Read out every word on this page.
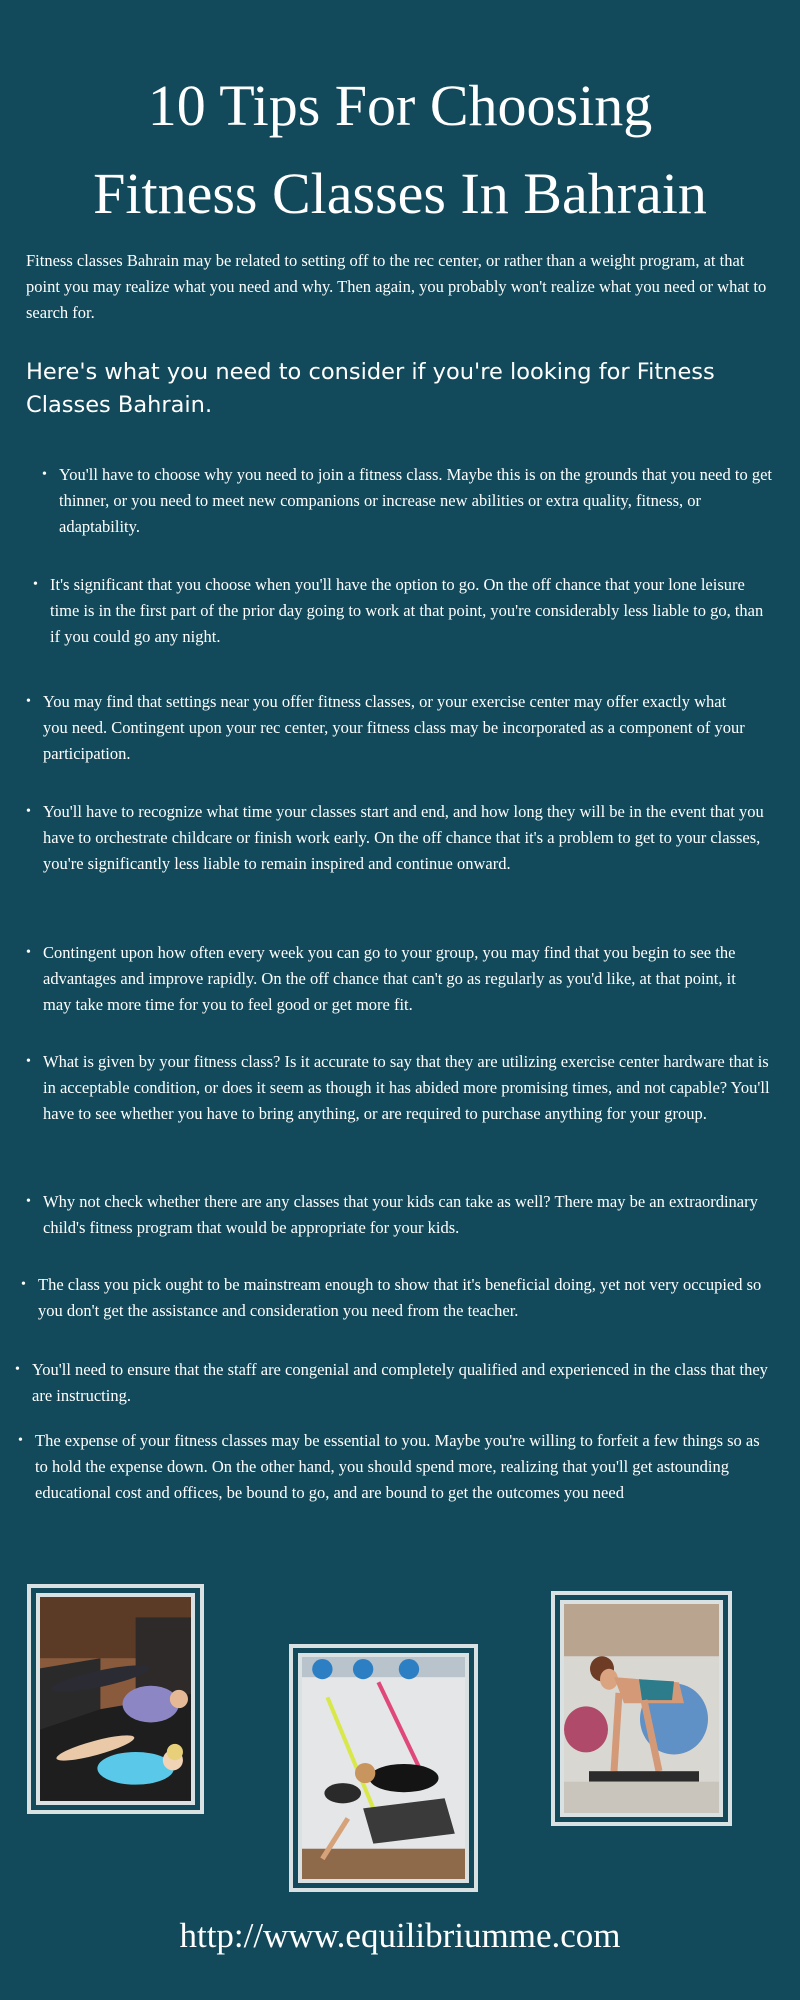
10 Tips For Choosing
Fitness Classes In Bahrain

Fitness classes Bahrain may be related to setting off to the rec center, or rather than a weight program, at that point you may realize what you need and why. Then again, you probably won't realize what you need or what to search for.

Here's what you need to consider if you're looking for Fitness Classes Bahrain.
• You'll have to choose why you need to join a fitness class. Maybe this is on the grounds that you need to get thinner, or you need to meet new companions or increase new abilities or extra quality, fitness, or adaptability.
• It's significant that you choose when you'll have the option to go. On the off chance that your lone leisure time is in the first part of the prior day going to work at that point, you're considerably less liable to go, than if you could go any night.
• You may find that settings near you offer fitness classes, or your exercise center may offer exactly what you need. Contingent upon your rec center, your fitness class may be incorporated as a component of your participation.
• You'll have to recognize what time your classes start and end, and how long they will be in the event that you have to orchestrate childcare or finish work early. On the off chance that it's a problem to get to your classes, you're significantly less liable to remain inspired and continue onward.
• Contingent upon how often every week you can go to your group, you may find that you begin to see the advantages and improve rapidly. On the off chance that can't go as regularly as you'd like, at that point, it may take more time for you to feel good or get more fit.
• What is given by your fitness class? Is it accurate to say that they are utilizing exercise center hardware that is in acceptable condition, or does it seem as though it has abided more promising times, and not capable? You'll have to see whether you have to bring anything, or are required to purchase anything for your group.
• Why not check whether there are any classes that your kids can take as well? There may be an extraordinary child's fitness program that would be appropriate for your kids.
• The class you pick ought to be mainstream enough to show that it's beneficial doing, yet not very occupied so you don't get the assistance and consideration you need from the teacher.
• You'll need to ensure that the staff are congenial and completely qualified and experienced in the class that they are instructing.
• The expense of your fitness classes may be essential to you. Maybe you're willing to forfeit a few things so as to hold the expense down. On the other hand, you should spend more, realizing that you'll get astounding educational cost and offices, be bound to go, and are bound to get the outcomes you need

http://www.equilibriumme.com
